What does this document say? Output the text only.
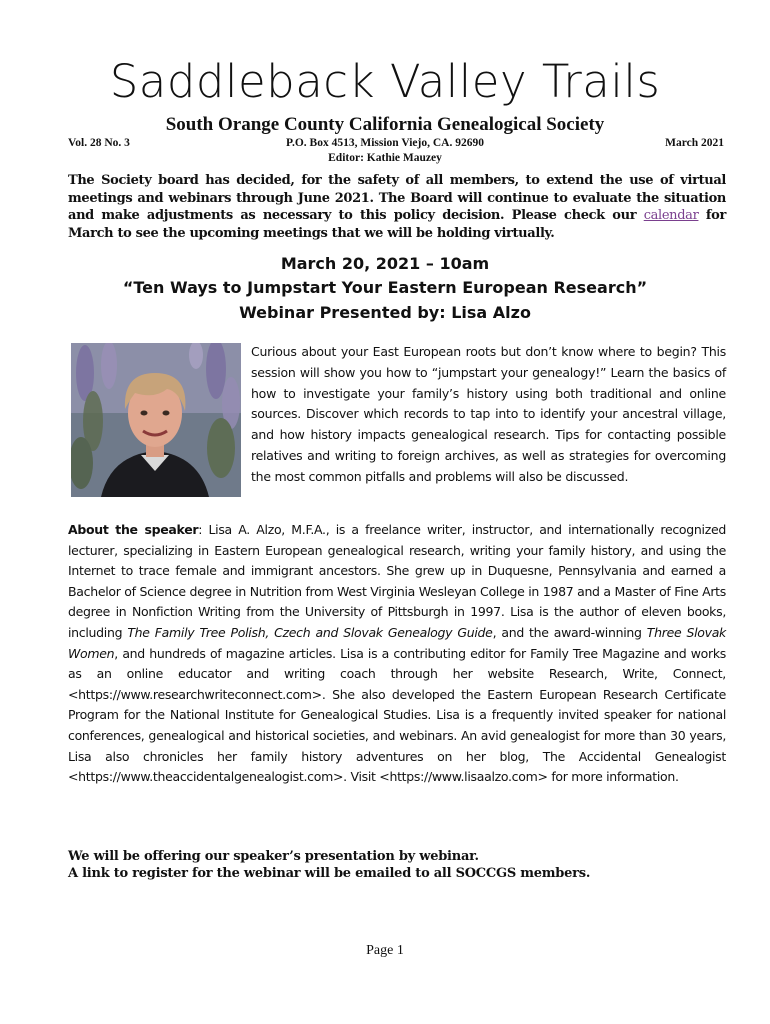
Saddleback Valley Trails
South Orange County California Genealogical Society
Vol. 28 No. 3	P.O. Box 4513, Mission Viejo, CA. 92690	March 2021
Editor: Kathie Mauzey
The Society board has decided, for the safety of all members, to extend the use of virtual meetings and webinars through June 2021. The Board will continue to evaluate the situation and make adjustments as necessary to this policy decision. Please check our calendar for March to see the upcoming meetings that we will be holding virtually.
March 20, 2021 – 10am
“Ten Ways to Jumpstart Your Eastern European Research”
Webinar Presented by: Lisa Alzo
Curious about your East European roots but don’t know where to begin? This session will show you how to “jumpstart your genealogy!” Learn the basics of how to investigate your family’s history using both traditional and online sources. Discover which records to tap into to identify your ancestral village, and how history impacts genealogical research. Tips for contacting possible relatives and writing to foreign archives, as well as strategies for overcoming the most common pitfalls and problems will also be discussed.
About the speaker: Lisa A. Alzo, M.F.A., is a freelance writer, instructor, and internationally recognized lecturer, specializing in Eastern European genealogical research, writing your family history, and using the Internet to trace female and immigrant ancestors. She grew up in Duquesne, Pennsylvania and earned a Bachelor of Science degree in Nutrition from West Virginia Wesleyan College in 1987 and a Master of Fine Arts degree in Nonfiction Writing from the University of Pittsburgh in 1997. Lisa is the author of eleven books, including The Family Tree Polish, Czech and Slovak Genealogy Guide, and the award-winning Three Slovak Women, and hundreds of magazine articles. Lisa is a contributing editor for Family Tree Magazine and works as an online educator and writing coach through her website Research, Write, Connect, <https://www.researchwriteconnect.com>. She also developed the Eastern European Research Certificate Program for the National Institute for Genealogical Studies. Lisa is a frequently invited speaker for national conferences, genealogical and historical societies, and webinars. An avid genealogist for more than 30 years, Lisa also chronicles her family history adventures on her blog, The Accidental Genealogist <https://www.theaccidentalgenealogist.com>. Visit <https://www.lisaalzo.com> for more information.
We will be offering our speaker’s presentation by webinar.
A link to register for the webinar will be emailed to all SOCCGS members.
Page 1
